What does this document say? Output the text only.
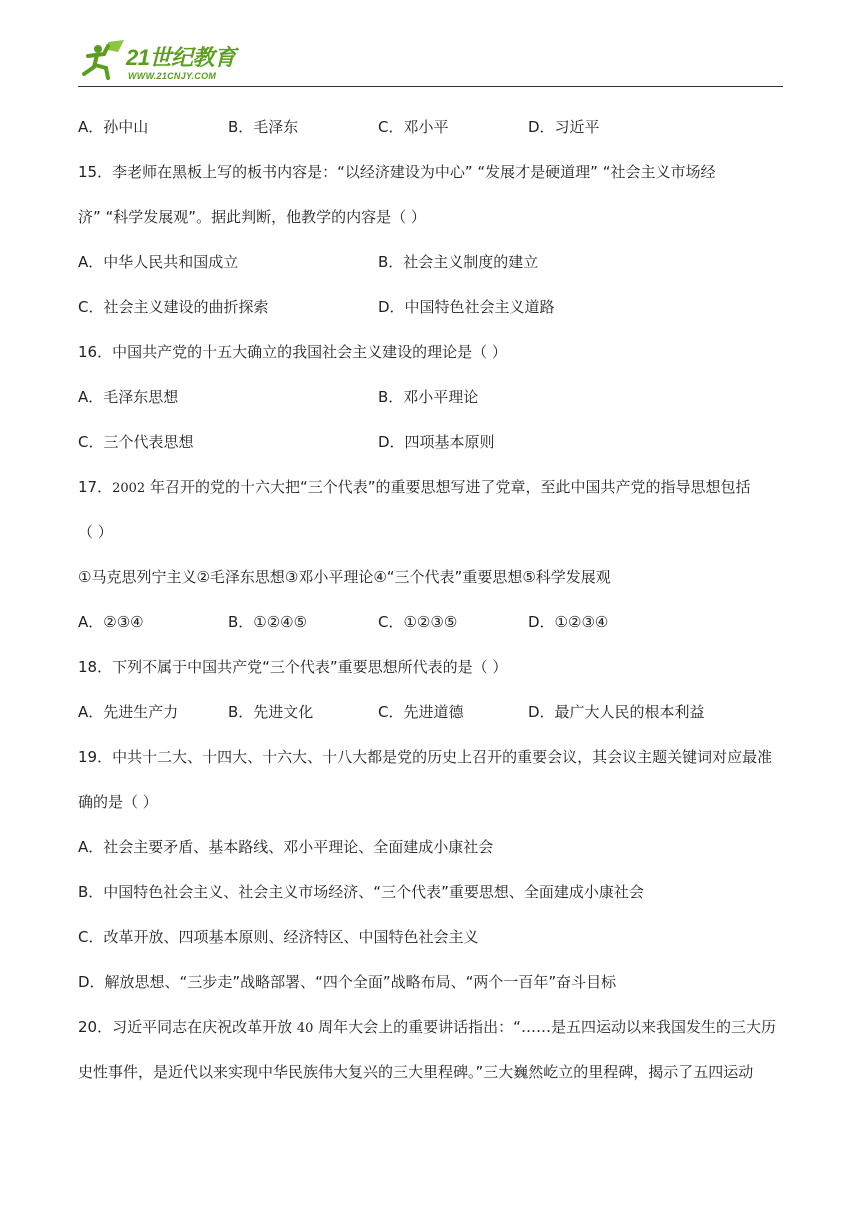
21世纪教育
WWW.21CNJY.COM
A．孙中山	B．毛泽东	C．邓小平	D．习近平
15．李老师在黑板上写的板书内容是：“以经济建设为中心” “发展才是硬道理” “社会主义市场经
济” “科学发展观”。据此判断，他教学的内容是（ ）
A．中华人民共和国成立	B．社会主义制度的建立
C．社会主义建设的曲折探索	D．中国特色社会主义道路
16．中国共产党的十五大确立的我国社会主义建设的理论是（ ）
A．毛泽东思想	B．邓小平理论
C．三个代表思想	D．四项基本原则
17．2002 年召开的党的十六大把“三个代表”的重要思想写进了党章，至此中国共产党的指导思想包括
（ ）
①马克思列宁主义②毛泽东思想③邓小平理论④“三个代表”重要思想⑤科学发展观
A．②③④	B．①②④⑤	C．①②③⑤	D．①②③④
18．下列不属于中国共产党“三个代表”重要思想所代表的是（ ）
A．先进生产力	B．先进文化	C．先进道德	D．最广大人民的根本利益
19．中共十二大、十四大、十六大、十八大都是党的历史上召开的重要会议，其会议主题关键词对应最准
确的是（ ）
A．社会主要矛盾、基本路线、邓小平理论、全面建成小康社会
B．中国特色社会主义、社会主义市场经济、“三个代表”重要思想、全面建成小康社会
C．改革开放、四项基本原则、经济特区、中国特色社会主义
D．解放思想、“三步走”战略部署、“四个全面”战略布局、“两个一百年”奋斗目标
20．习近平同志在庆祝改革开放 40 周年大会上的重要讲话指出：“……是五四运动以来我国发生的三大历
史性事件，是近代以来实现中华民族伟大复兴的三大里程碑。”三大巍然屹立的里程碑，揭示了五四运动
